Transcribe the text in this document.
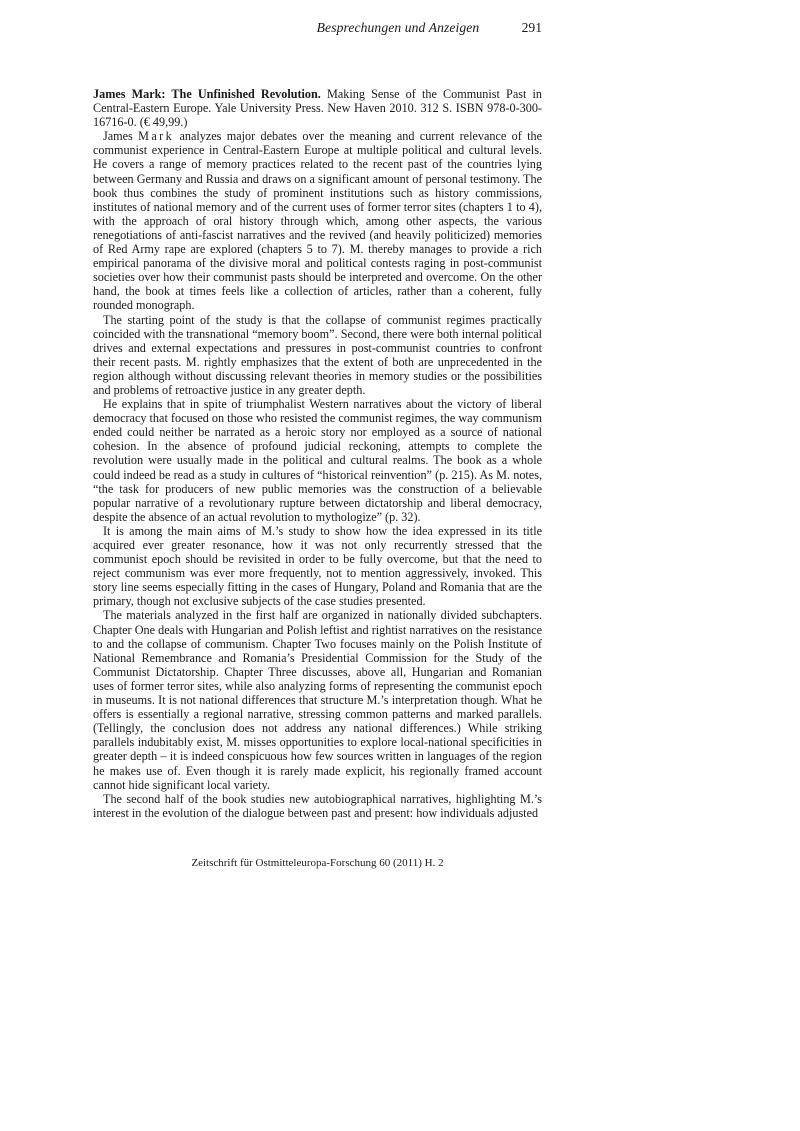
Besprechungen und Anzeigen	291

James Mark: The Unfinished Revolution. Making Sense of the Communist Past in Central-Eastern Europe. Yale University Press. New Haven 2010. 312 S. ISBN 978-0-300-16716-0. (€ 49,99.)

James Mark analyzes major debates over the meaning and current relevance of the communist experience in Central-Eastern Europe at multiple political and cultural levels. He covers a range of memory practices related to the recent past of the countries lying between Germany and Russia and draws on a significant amount of personal testimony. The book thus combines the study of prominent institutions such as history commissions, institutes of national memory and of the current uses of former terror sites (chapters 1 to 4), with the approach of oral history through which, among other aspects, the various renegotiations of anti-fascist narratives and the revived (and heavily politicized) memories of Red Army rape are explored (chapters 5 to 7). M. thereby manages to provide a rich empirical panorama of the divisive moral and political contests raging in post-communist societies over how their communist pasts should be interpreted and overcome. On the other hand, the book at times feels like a collection of articles, rather than a coherent, fully rounded monograph.

The starting point of the study is that the collapse of communist regimes practically coincided with the transnational “memory boom”. Second, there were both internal political drives and external expectations and pressures in post-communist countries to confront their recent pasts. M. rightly emphasizes that the extent of both are unprecedented in the region although without discussing relevant theories in memory studies or the possibilities and problems of retroactive justice in any greater depth.

He explains that in spite of triumphalist Western narratives about the victory of liberal democracy that focused on those who resisted the communist regimes, the way communism ended could neither be narrated as a heroic story nor employed as a source of national cohesion. In the absence of profound judicial reckoning, attempts to complete the revolution were usually made in the political and cultural realms. The book as a whole could indeed be read as a study in cultures of “historical reinvention” (p. 215). As M. notes, “the task for producers of new public memories was the construction of a believable popular narrative of a revolutionary rupture between dictatorship and liberal democracy, despite the absence of an actual revolution to mythologize” (p. 32).

It is among the main aims of M.’s study to show how the idea expressed in its title acquired ever greater resonance, how it was not only recurrently stressed that the communist epoch should be revisited in order to be fully overcome, but that the need to reject communism was ever more frequently, not to mention aggressively, invoked. This story line seems especially fitting in the cases of Hungary, Poland and Romania that are the primary, though not exclusive subjects of the case studies presented.

The materials analyzed in the first half are organized in nationally divided subchapters. Chapter One deals with Hungarian and Polish leftist and rightist narratives on the resistance to and the collapse of communism. Chapter Two focuses mainly on the Polish Institute of National Remembrance and Romania’s Presidential Commission for the Study of the Communist Dictatorship. Chapter Three discusses, above all, Hungarian and Romanian uses of former terror sites, while also analyzing forms of representing the communist epoch in museums. It is not national differences that structure M.’s interpretation though. What he offers is essentially a regional narrative, stressing common patterns and marked parallels. (Tellingly, the conclusion does not address any national differences.) While striking parallels indubitably exist, M. misses opportunities to explore local-national specificities in greater depth – it is indeed conspicuous how few sources written in languages of the region he makes use of. Even though it is rarely made explicit, his regionally framed account cannot hide significant local variety.

The second half of the book studies new autobiographical narratives, highlighting M.’s interest in the evolution of the dialogue between past and present: how individuals adjusted

Zeitschrift für Ostmitteleuropa-Forschung 60 (2011) H. 2
